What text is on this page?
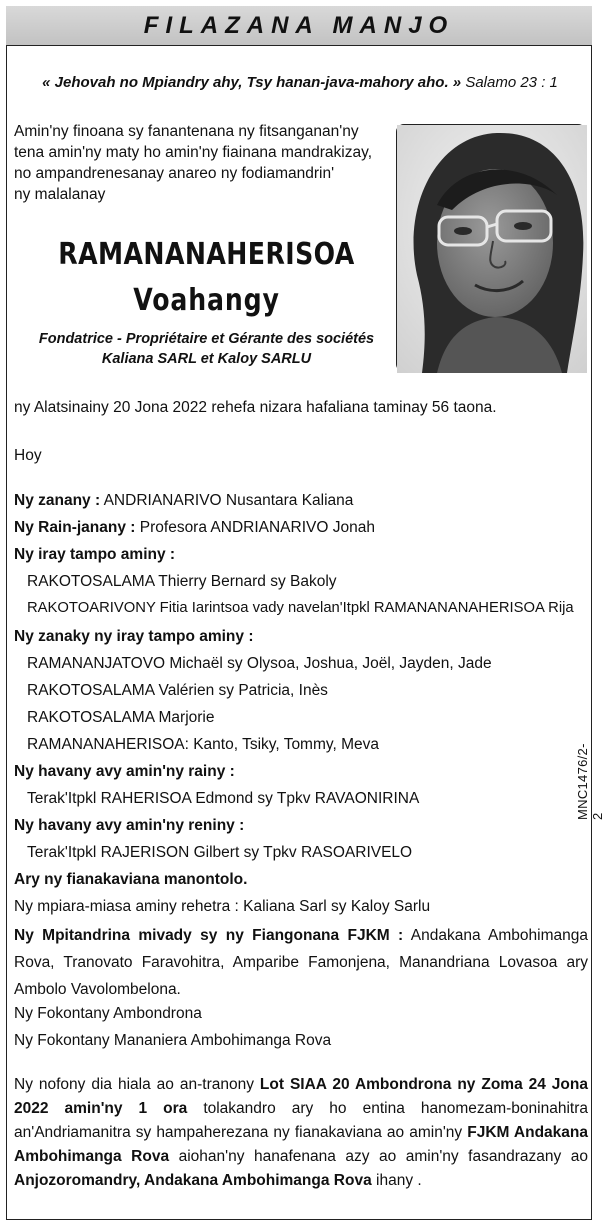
FILAZANA MANJO
« Jehovah no Mpiandry ahy, Tsy hanan-java-mahory aho. » Salamo 23 : 1
Amin'ny finoana sy fanantenana ny fitsanganan'ny
tena amin'ny maty ho amin'ny fiainana mandrakizay,
no ampandrenesanay anareo ny fodiamandrin'
ny malalanay
RAMANANAHERISOA
Voahangy
Fondatrice - Propriétaire et Gérante des sociétés
Kaliana SARL et Kaloy SARLU
ny Alatsinainy 20 Jona 2022 rehefa nizara hafaliana taminay 56 taona.
Hoy
Ny zanany : ANDRIANARIVO Nusantara Kaliana
Ny Rain-janany : Profesora ANDRIANARIVO Jonah
Ny iray tampo aminy :
RAKOTOSALAMA Thierry Bernard sy Bakoly
RAKOTOARIVONY Fitia Iarintsoa vady navelan'Itpkl RAMANANANAHERISOA Rija
Ny zanaky ny iray tampo aminy :
RAMANANJATOVO Michaël sy Olysoa, Joshua, Joël, Jayden, Jade
RAKOTOSALAMA Valérien sy Patricia, Inès
RAKOTOSALAMA Marjorie
RAMANANAHERISOA: Kanto, Tsiky, Tommy, Meva
Ny havany avy amin'ny rainy :
Terak'Itpkl RAHERISOA Edmond sy Tpkv RAVAONIRINA
Ny havany avy amin'ny reniny :
Terak'Itpkl RAJERISON Gilbert sy Tpkv RASOARIVELO
Ary ny fianakaviana manontolo.
Ny mpiara-miasa aminy rehetra : Kaliana Sarl sy Kaloy Sarlu
Ny Mpitandrina mivady sy ny Fiangonana FJKM : Andakana Ambohimanga Rova, Tranovato Faravohitra, Amparibe Famonjena, Manandriana Lovasoa ary Ambolo Vavolombelona.
Ny Fokontany Ambondrona
Ny Fokontany Mananiera Ambohimanga Rova
Ny nofony dia hiala ao an-tranony Lot SIAA 20 Ambondrona ny Zoma 24 Jona 2022 amin'ny 1 ora tolakandro ary ho entina hanomezam-boninahitra an'Andriamanitra sy hampaherezana ny fianakaviana ao amin'ny FJKM Andakana Ambohimanga Rova aiohan'ny hanafenana azy ao amin'ny fasandrazany ao Anjozoromandry, Andakana Ambohimanga Rova ihany .
MNC1476/2-2
